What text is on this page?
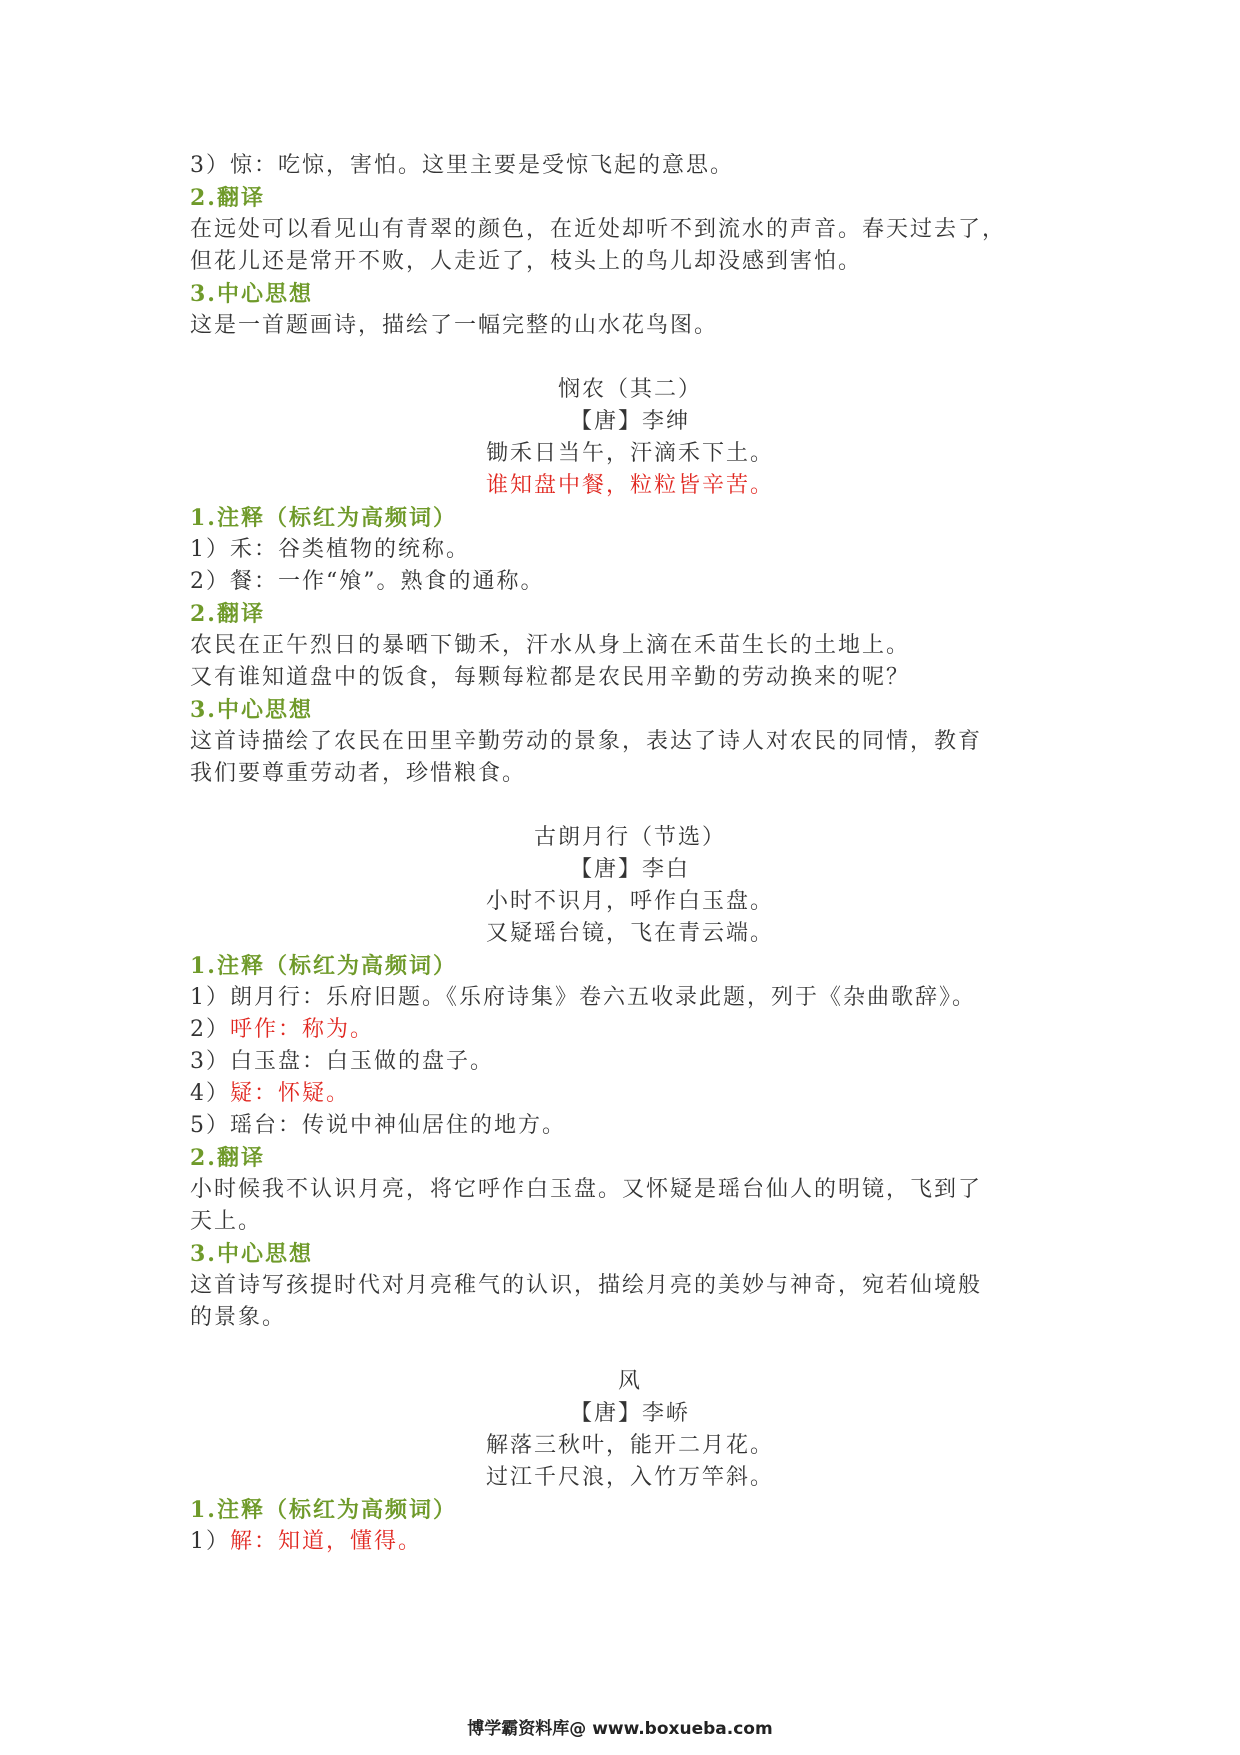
3）惊：吃惊，害怕。这里主要是受惊飞起的意思。
2.翻译
在远处可以看见山有青翠的颜色，在近处却听不到流水的声音。春天过去了，
但花儿还是常开不败，人走近了，枝头上的鸟儿却没感到害怕。
3.中心思想
这是一首题画诗，描绘了一幅完整的山水花鸟图。
悯农（其二）
【唐】李绅
锄禾日当午，汗滴禾下土。
谁知盘中餐，粒粒皆辛苦。
1.注释（标红为高频词）
1）禾：谷类植物的统称。
2）餐：一作“飧”。熟食的通称。
2.翻译
农民在正午烈日的暴晒下锄禾，汗水从身上滴在禾苗生长的土地上。
又有谁知道盘中的饭食，每颗每粒都是农民用辛勤的劳动换来的呢？
3.中心思想
这首诗描绘了农民在田里辛勤劳动的景象，表达了诗人对农民的同情，教育
我们要尊重劳动者，珍惜粮食。
古朗月行（节选）
【唐】李白
小时不识月，呼作白玉盘。
又疑瑶台镜，飞在青云端。
1.注释（标红为高频词）
1）朗月行：乐府旧题。《乐府诗集》卷六五收录此题，列于《杂曲歌辞》。
2）呼作：称为。
3）白玉盘：白玉做的盘子。
4）疑：怀疑。
5）瑶台：传说中神仙居住的地方。
2.翻译
小时候我不认识月亮，将它呼作白玉盘。又怀疑是瑶台仙人的明镜，飞到了
天上。
3.中心思想
这首诗写孩提时代对月亮稚气的认识，描绘月亮的美妙与神奇，宛若仙境般
的景象。
风
【唐】李峤
解落三秋叶，能开二月花。
过江千尺浪，入竹万竿斜。
1.注释（标红为高频词）
1）解：知道，懂得。
博学霸资料库@ www.boxueba.com
